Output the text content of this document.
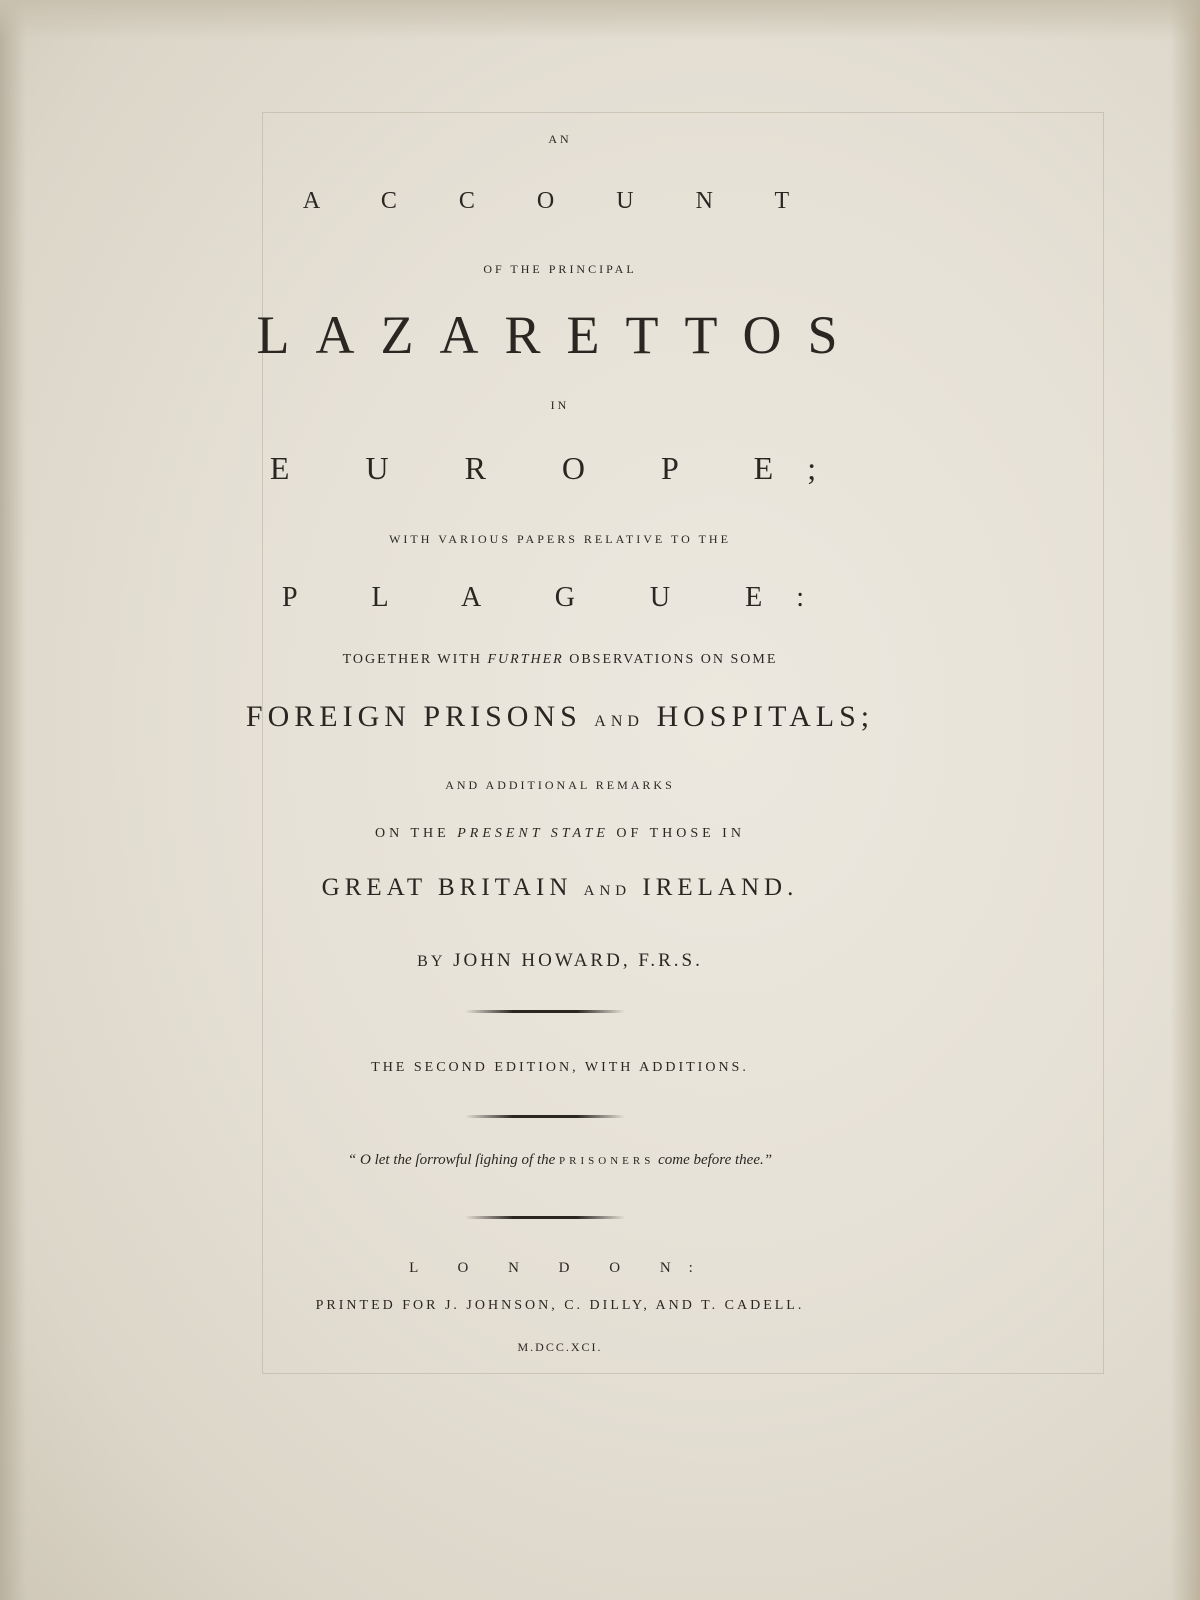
AN
A C C O U N T
OF THE PRINCIPAL
LAZARETTOS
IN
E U R O P E;
WITH VARIOUS PAPERS RELATIVE TO THE
P L A G U E:
TOGETHER WITH FURTHER OBSERVATIONS ON SOME
FOREIGN PRISONS AND HOSPITALS;
AND ADDITIONAL REMARKS
ON THE PRESENT STATE OF THOSE IN
GREAT BRITAIN AND IRELAND.
BY JOHN HOWARD, F.R.S.
THE SECOND EDITION, WITH ADDITIONS.
“ O let the ſorrowful ſighing of the PRISONERS come before thee.”
L O N D O N:
PRINTED FOR J. JOHNSON, C. DILLY, AND T. CADELL.
M.DCC.XCI.
